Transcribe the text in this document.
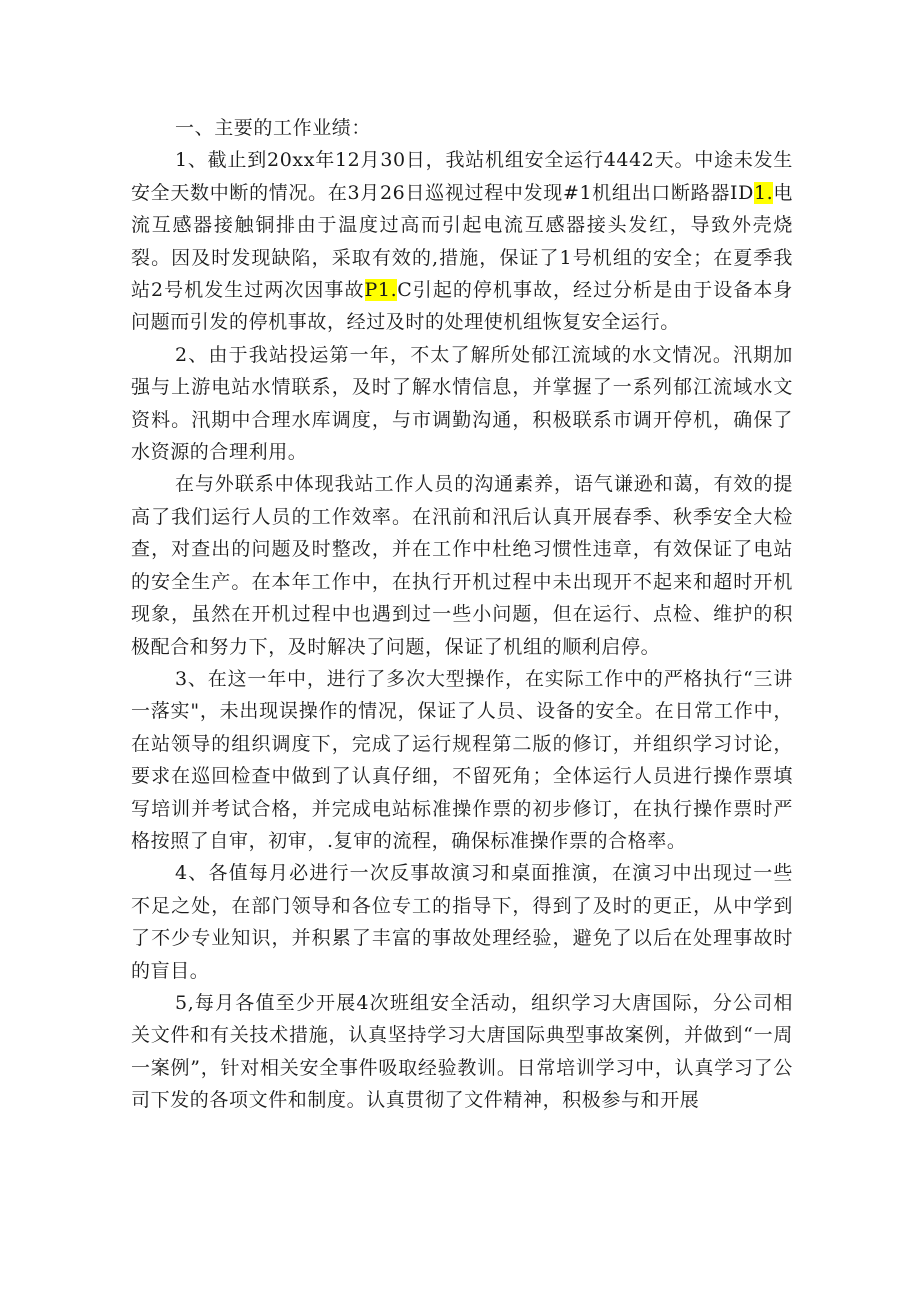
一、主要的工作业绩：

1、截止到20xx年12月30日，我站机组安全运行4442天。中途未发生安全天数中断的情况。在3月26日巡视过程中发现#1机组出口断路器ID1.电流互感器接触铜排由于温度过高而引起电流互感器接头发红，导致外壳烧裂。因及时发现缺陷，采取有效的,措施，保证了1号机组的安全；在夏季我站2号机发生过两次因事故P1.C引起的停机事故，经过分析是由于设备本身问题而引发的停机事故，经过及时的处理使机组恢复安全运行。

2、由于我站投运第一年，不太了解所处郁江流域的水文情况。汛期加强与上游电站水情联系，及时了解水情信息，并掌握了一系列郁江流域水文资料。汛期中合理水库调度，与市调勤沟通，积极联系市调开停机，确保了水资源的合理利用。

在与外联系中体现我站工作人员的沟通素养，语气谦逊和蔼，有效的提高了我们运行人员的工作效率。在汛前和汛后认真开展春季、秋季安全大检查，对查出的问题及时整改，并在工作中杜绝习惯性违章，有效保证了电站的安全生产。在本年工作中，在执行开机过程中未出现开不起来和超时开机现象，虽然在开机过程中也遇到过一些小问题，但在运行、点检、维护的积极配合和努力下，及时解决了问题，保证了机组的顺利启停。

3、在这一年中，进行了多次大型操作，在实际工作中的严格执行“三讲一落实"，未出现误操作的情况，保证了人员、设备的安全。在日常工作中，在站领导的组织调度下，完成了运行规程第二版的修订，并组织学习讨论，要求在巡回检查中做到了认真仔细，不留死角；全体运行人员进行操作票填写培训并考试合格，并完成电站标准操作票的初步修订，在执行操作票时严格按照了自审，初审，.复审的流程，确保标准操作票的合格率。

4、各值每月必进行一次反事故演习和桌面推演，在演习中出现过一些不足之处，在部门领导和各位专工的指导下，得到了及时的更正，从中学到了不少专业知识，并积累了丰富的事故处理经验，避免了以后在处理事故时的盲目。

5,每月各值至少开展4次班组安全活动，组织学习大唐国际，分公司相关文件和有关技术措施，认真坚持学习大唐国际典型事故案例，并做到“一周一案例”，针对相关安全事件吸取经验教训。日常培训学习中，认真学习了公司下发的各项文件和制度。认真贯彻了文件精神，积极参与和开展
